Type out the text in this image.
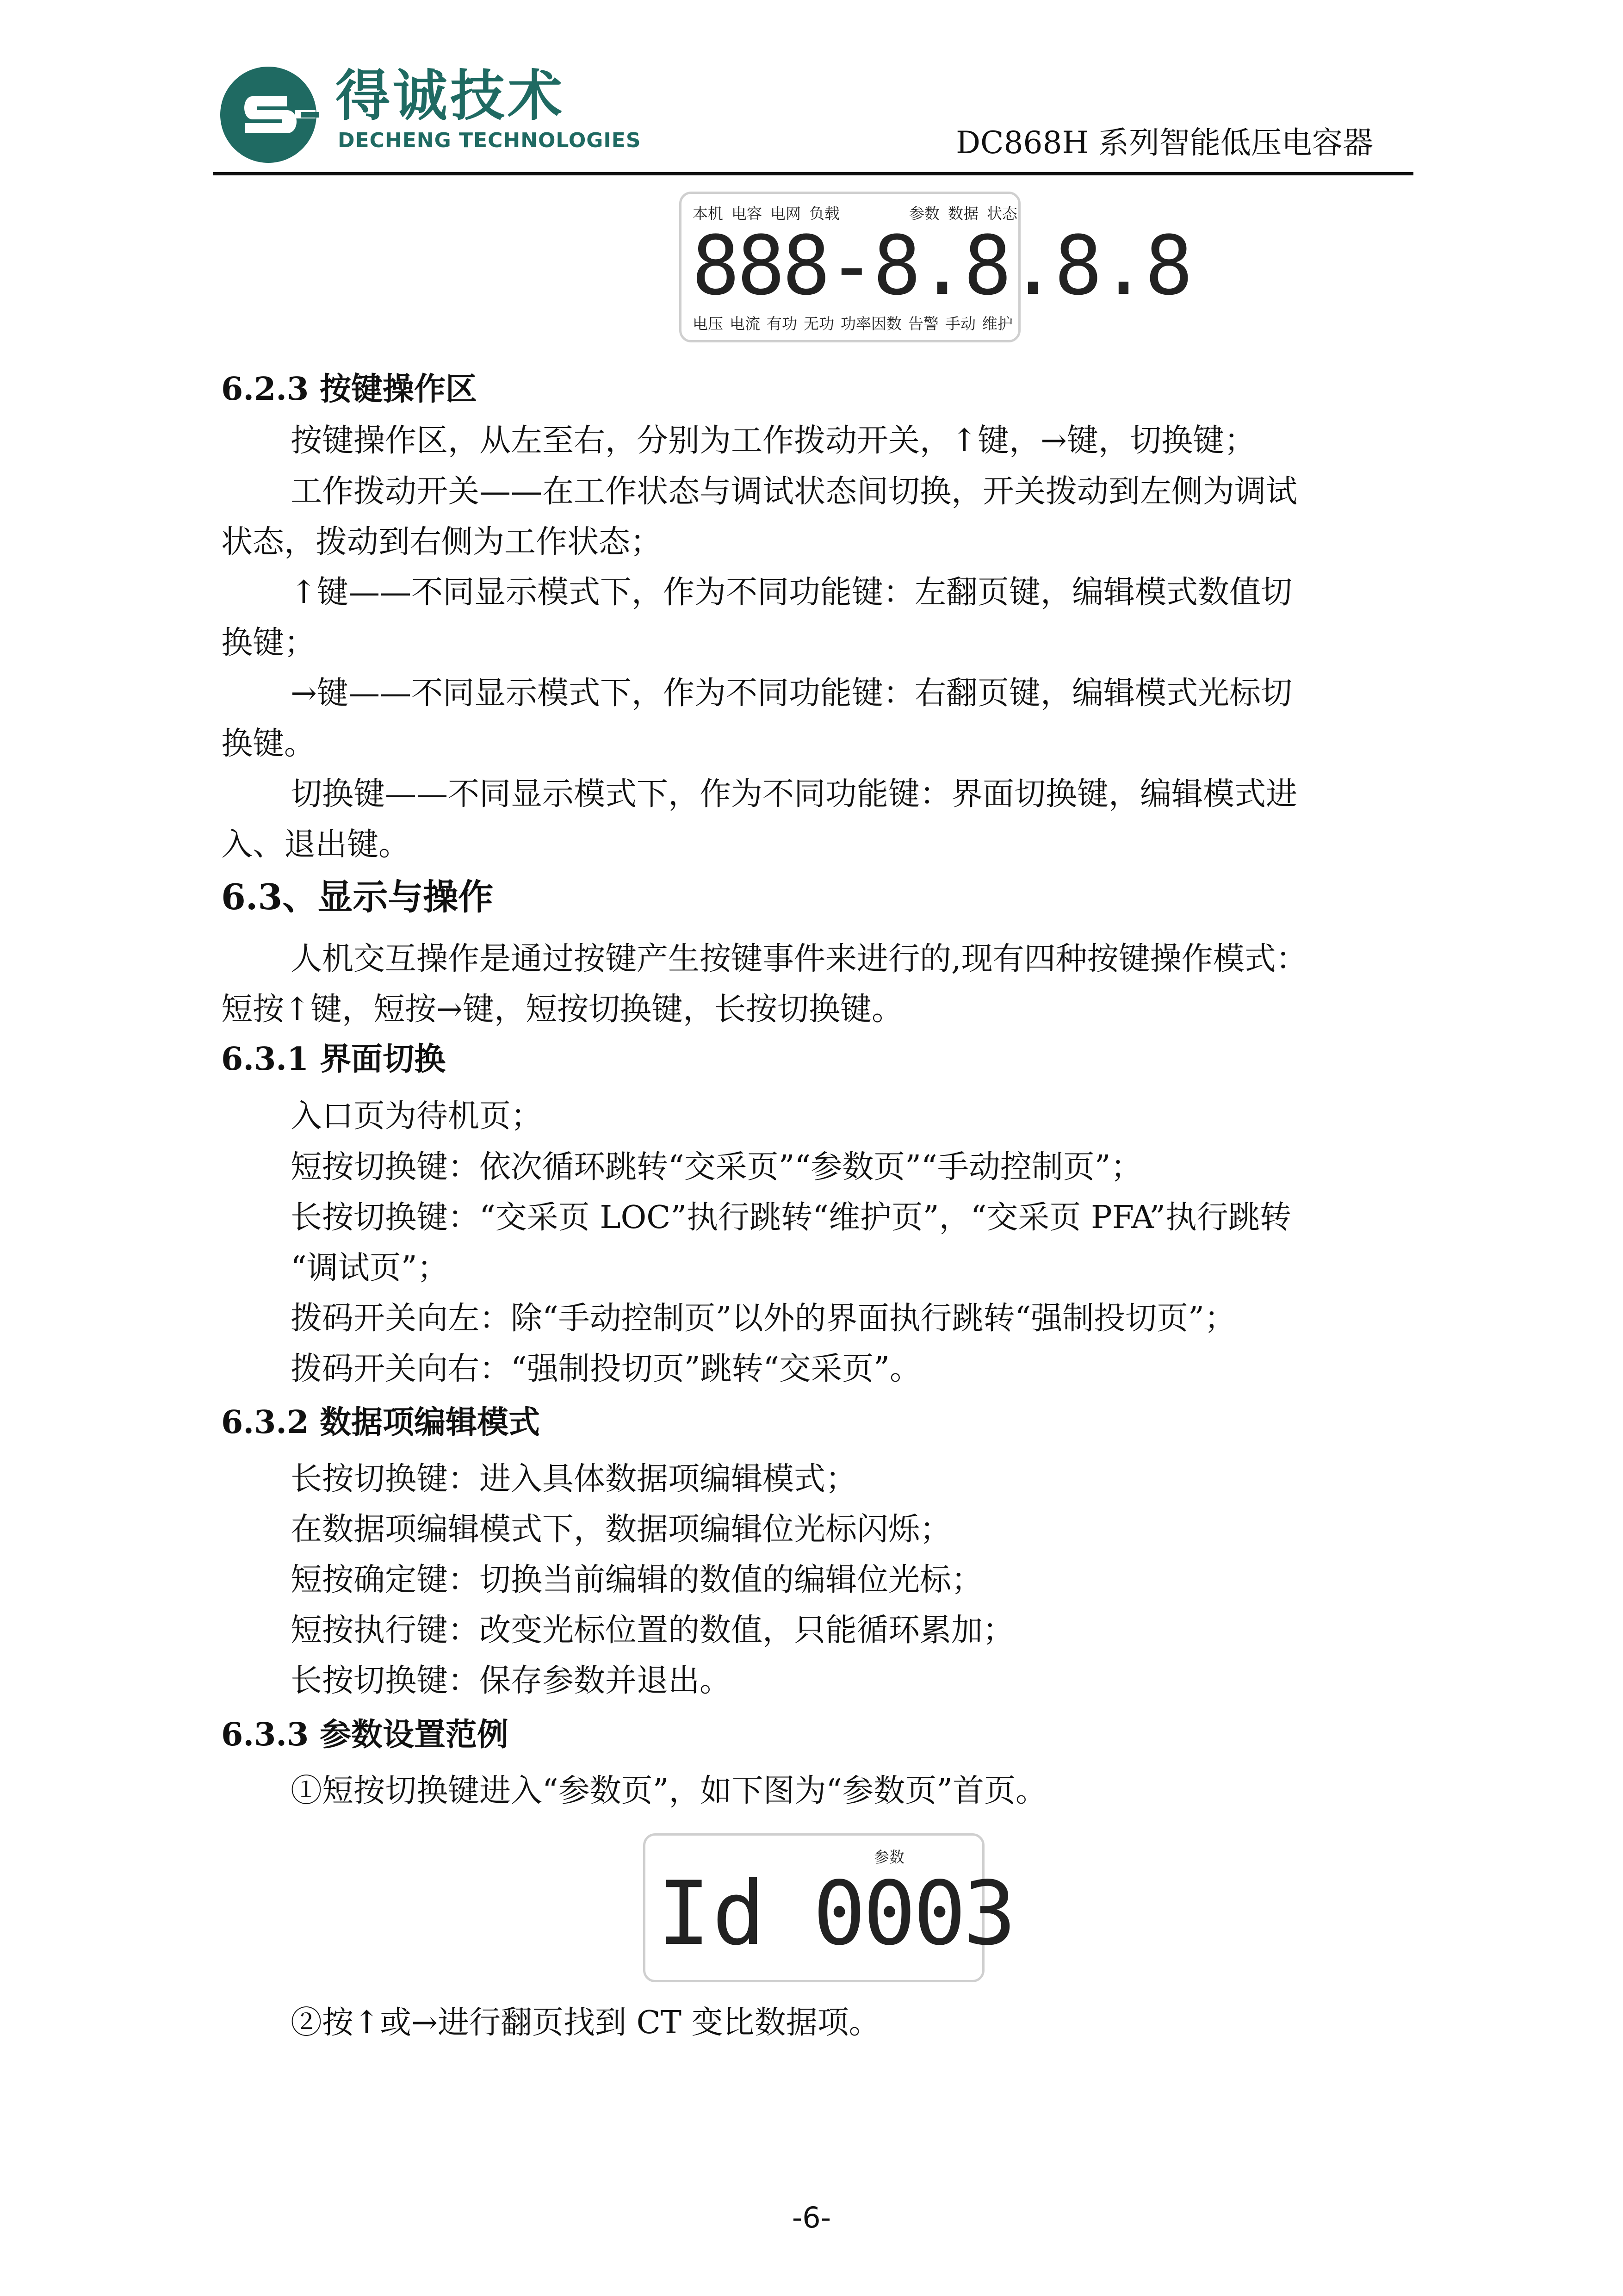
得诚技术
DECHENG TECHNOLOGIES	DC868H 系列智能低压电容器
本机 电容 电网 负载	参数 数据 状态
888-8.8.8.8
电压 电流 有功 无功 功率因数 告警 手动 维护
6.2.3 按键操作区
按键操作区，从左至右，分别为工作拨动开关，↑键，→键，切换键；
工作拨动开关——在工作状态与调试状态间切换，开关拨动到左侧为调试
状态，拨动到右侧为工作状态；
↑键——不同显示模式下，作为不同功能键：左翻页键，编辑模式数值切
换键；
→键——不同显示模式下，作为不同功能键：右翻页键，编辑模式光标切
换键。
切换键——不同显示模式下，作为不同功能键：界面切换键，编辑模式进
入、退出键。
6.3、显示与操作
人机交互操作是通过按键产生按键事件来进行的,现有四种按键操作模式：
短按↑键，短按→键，短按切换键，长按切换键。
6.3.1 界面切换
入口页为待机页；
短按切换键：依次循环跳转“交采页”“参数页”“手动控制页”；
长按切换键：“交采页 LOC”执行跳转“维护页”，“交采页 PFA”执行跳转
“调试页”；
拨码开关向左：除“手动控制页”以外的界面执行跳转“强制投切页”；
拨码开关向右：“强制投切页”跳转“交采页”。
6.3.2 数据项编辑模式
长按切换键：进入具体数据项编辑模式；
在数据项编辑模式下，数据项编辑位光标闪烁；
短按确定键：切换当前编辑的数值的编辑位光标；
短按执行键：改变光标位置的数值，只能循环累加；
长按切换键：保存参数并退出。
6.3.3 参数设置范例
①短按切换键进入“参数页”，如下图为“参数页”首页。
参数
Id 0003
②按↑或→进行翻页找到 CT 变比数据项。
-6-
